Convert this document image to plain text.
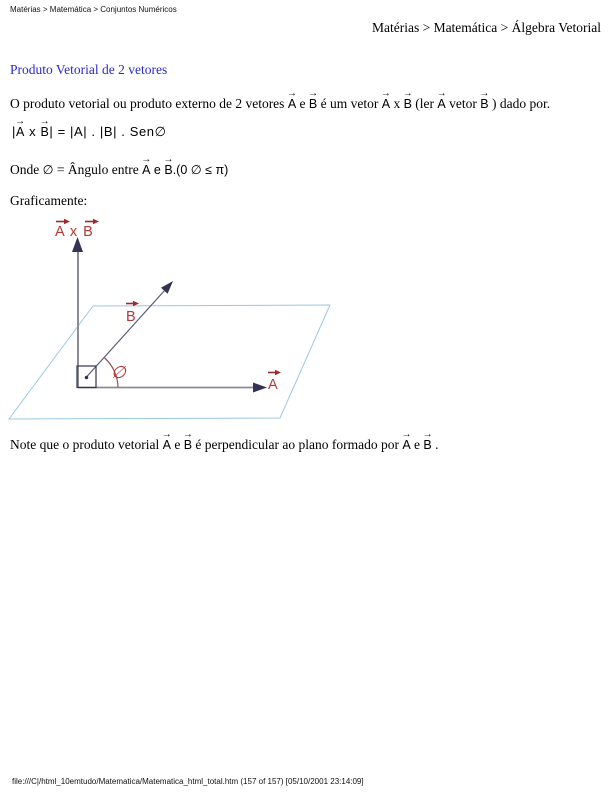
Matérias > Matemática > Conjuntos Numéricos
Matérias > Matemática > Álgebra Vetorial
Produto Vetorial de 2 vetores
O produto vetorial ou produto externo de 2 vetores → A e → B é um vetor → A x → B (ler → A vetor → B ) dado por.
|→ A x → B| = |A| . |B| . Sen∅
Onde ∅ = Ângulo entre → A e → B.(0 ∅ ≤ π)
Graficamente:
∅
A x B
B
A
Note que o produto vetorial → A e → B é perpendicular ao plano formado por → A e → B .
file:///C|/html_10emtudo/Matematica/Matematica_html_total.htm (157 of 157) [05/10/2001 23:14:09]
